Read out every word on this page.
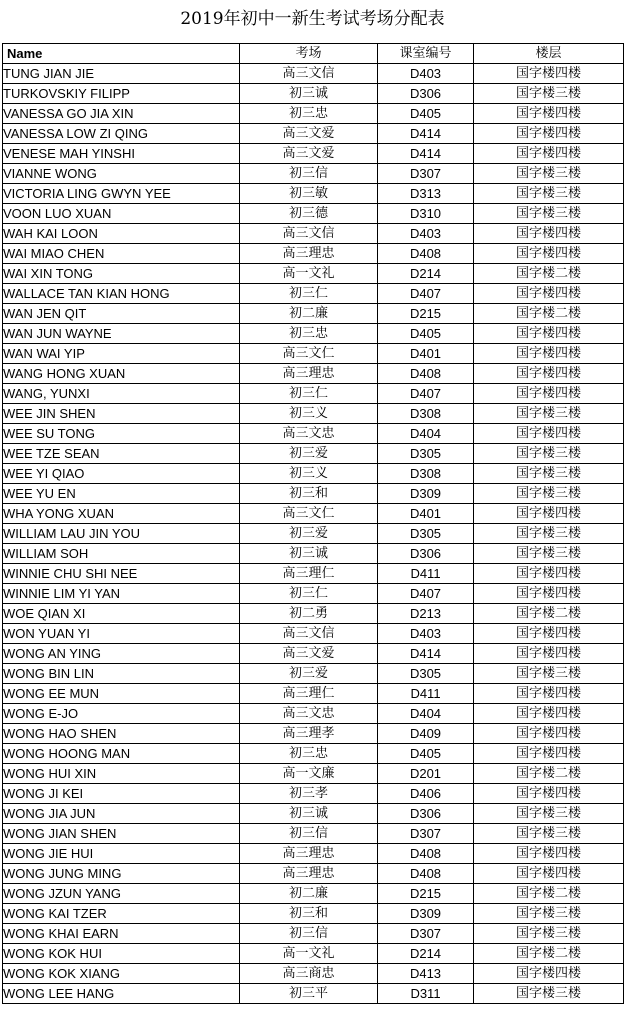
2019年初中一新生考试考场分配表
Name	考场	课室编号	楼层
TUNG JIAN JIE	高三文信	D403	国字楼四楼
TURKOVSKIY FILIPP	初三诚	D306	国字楼三楼
VANESSA GO JIA XIN	初三忠	D405	国字楼四楼
VANESSA LOW ZI QING	高三文爱	D414	国字楼四楼
VENESE MAH YINSHI	高三文爱	D414	国字楼四楼
VIANNE WONG	初三信	D307	国字楼三楼
VICTORIA LING GWYN YEE	初三敏	D313	国字楼三楼
VOON LUO XUAN	初三德	D310	国字楼三楼
WAH KAI LOON	高三文信	D403	国字楼四楼
WAI MIAO CHEN	高三理忠	D408	国字楼四楼
WAI XIN TONG	高一文礼	D214	国字楼二楼
WALLACE TAN KIAN HONG	初三仁	D407	国字楼四楼
WAN JEN QIT	初二廉	D215	国字楼二楼
WAN JUN WAYNE	初三忠	D405	国字楼四楼
WAN WAI YIP	高三文仁	D401	国字楼四楼
WANG HONG XUAN	高三理忠	D408	国字楼四楼
WANG, YUNXI	初三仁	D407	国字楼四楼
WEE JIN SHEN	初三义	D308	国字楼三楼
WEE SU TONG	高三文忠	D404	国字楼四楼
WEE TZE SEAN	初三爱	D305	国字楼三楼
WEE YI QIAO	初三义	D308	国字楼三楼
WEE YU EN	初三和	D309	国字楼三楼
WHA YONG XUAN	高三文仁	D401	国字楼四楼
WILLIAM LAU JIN YOU	初三爱	D305	国字楼三楼
WILLIAM SOH	初三诚	D306	国字楼三楼
WINNIE CHU SHI NEE	高三理仁	D411	国字楼四楼
WINNIE LIM YI YAN	初三仁	D407	国字楼四楼
WOE QIAN XI	初二勇	D213	国字楼二楼
WON YUAN YI	高三文信	D403	国字楼四楼
WONG AN YING	高三文爱	D414	国字楼四楼
WONG BIN LIN	初三爱	D305	国字楼三楼
WONG EE MUN	高三理仁	D411	国字楼四楼
WONG E-JO	高三文忠	D404	国字楼四楼
WONG HAO SHEN	高三理孝	D409	国字楼四楼
WONG HOONG MAN	初三忠	D405	国字楼四楼
WONG HUI XIN	高一文廉	D201	国字楼二楼
WONG JI KEI	初三孝	D406	国字楼四楼
WONG JIA JUN	初三诚	D306	国字楼三楼
WONG JIAN SHEN	初三信	D307	国字楼三楼
WONG JIE HUI	高三理忠	D408	国字楼四楼
WONG JUNG MING	高三理忠	D408	国字楼四楼
WONG JZUN YANG	初二廉	D215	国字楼二楼
WONG KAI TZER	初三和	D309	国字楼三楼
WONG KHAI EARN	初三信	D307	国字楼三楼
WONG KOK HUI	高一文礼	D214	国字楼二楼
WONG KOK XIANG	高三商忠	D413	国字楼四楼
WONG LEE HANG	初三平	D311	国字楼三楼
